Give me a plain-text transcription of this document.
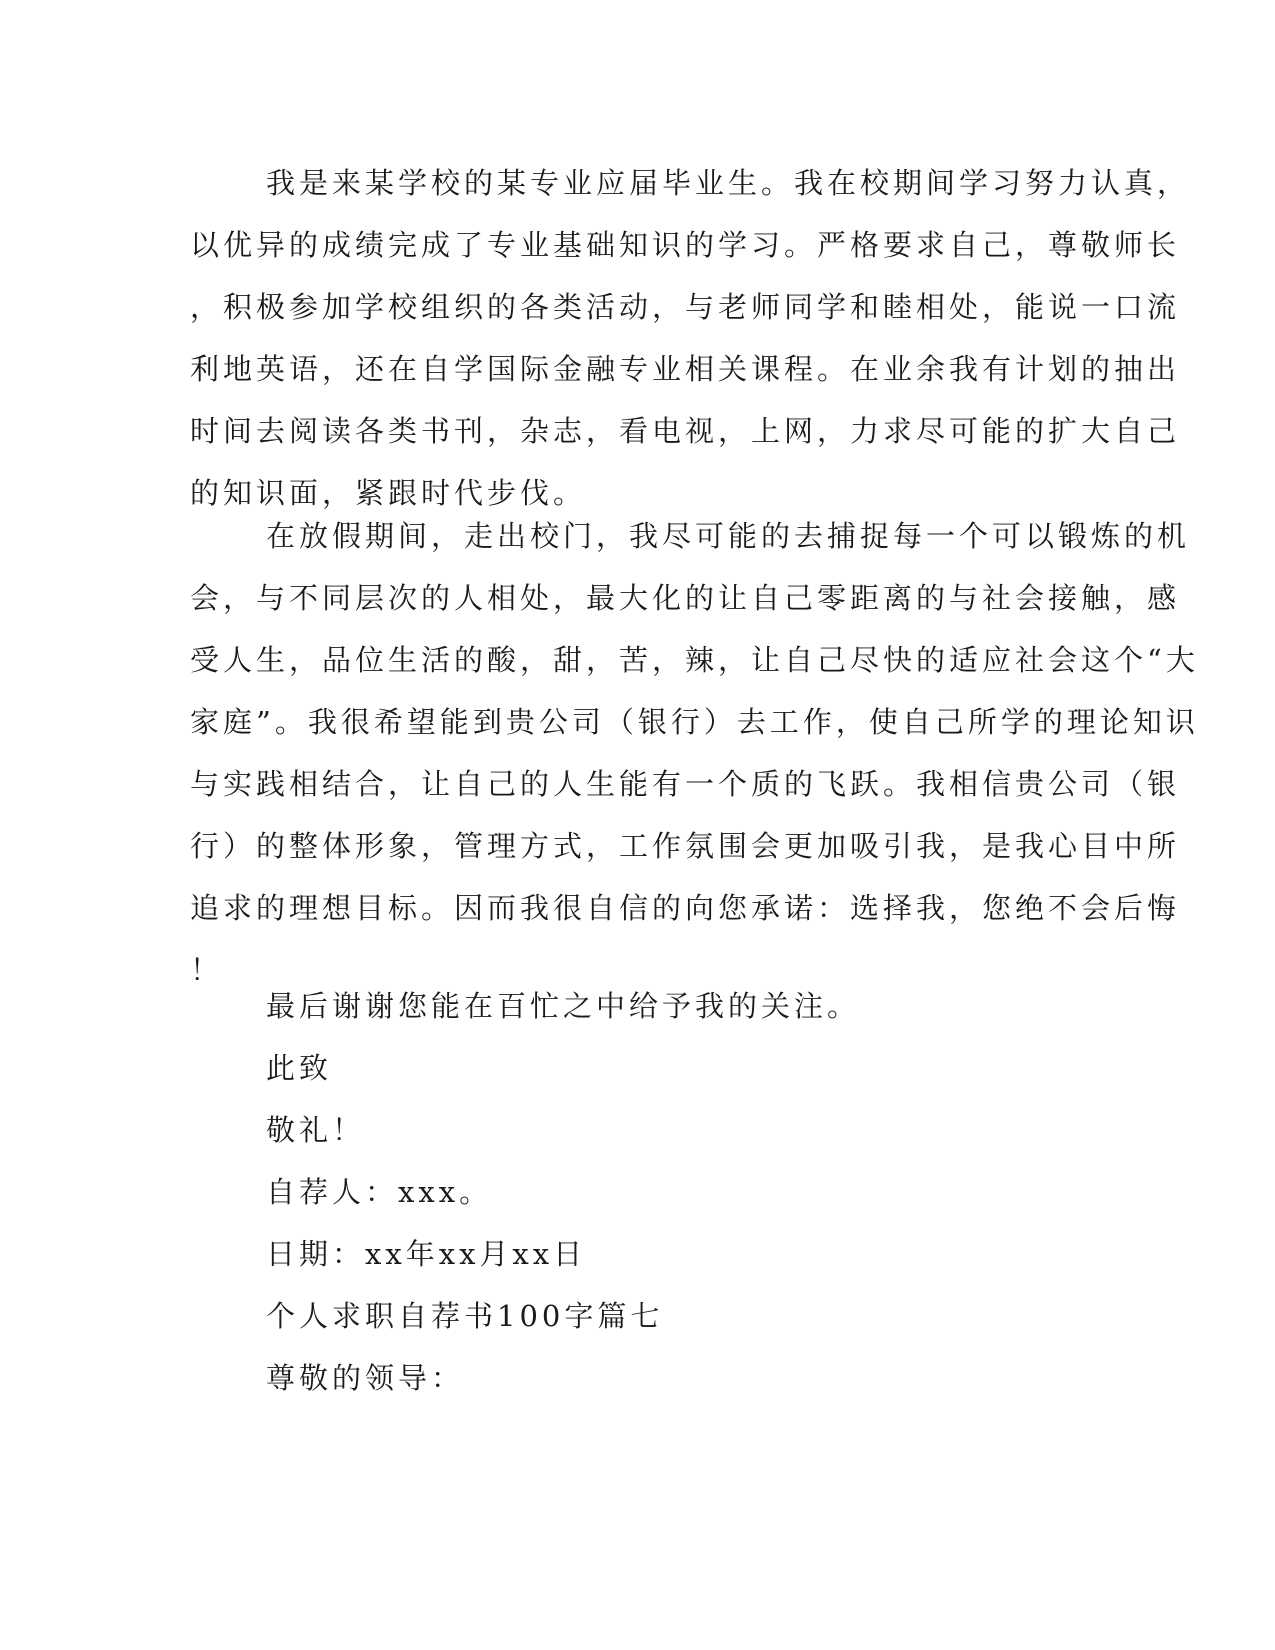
我是来某学校的某专业应届毕业生。我在校期间学习努力认真，
以优异的成绩完成了专业基础知识的学习。严格要求自己，尊敬师长
，积极参加学校组织的各类活动，与老师同学和睦相处，能说一口流
利地英语，还在自学国际金融专业相关课程。在业余我有计划的抽出
时间去阅读各类书刊，杂志，看电视，上网，力求尽可能的扩大自己
的知识面，紧跟时代步伐。
在放假期间，走出校门，我尽可能的去捕捉每一个可以锻炼的机
会，与不同层次的人相处，最大化的让自己零距离的与社会接触，感
受人生，品位生活的酸，甜，苦，辣，让自己尽快的适应社会这个“大
家庭”。我很希望能到贵公司（银行）去工作，使自己所学的理论知识
与实践相结合，让自己的人生能有一个质的飞跃。我相信贵公司（银
行）的整体形象，管理方式，工作氛围会更加吸引我，是我心目中所
追求的理想目标。因而我很自信的向您承诺：选择我，您绝不会后悔
！
最后谢谢您能在百忙之中给予我的关注。
此致
敬礼！
自荐人：xxx。
日期：xx年xx月xx日
个人求职自荐书100字篇七
尊敬的领导：
